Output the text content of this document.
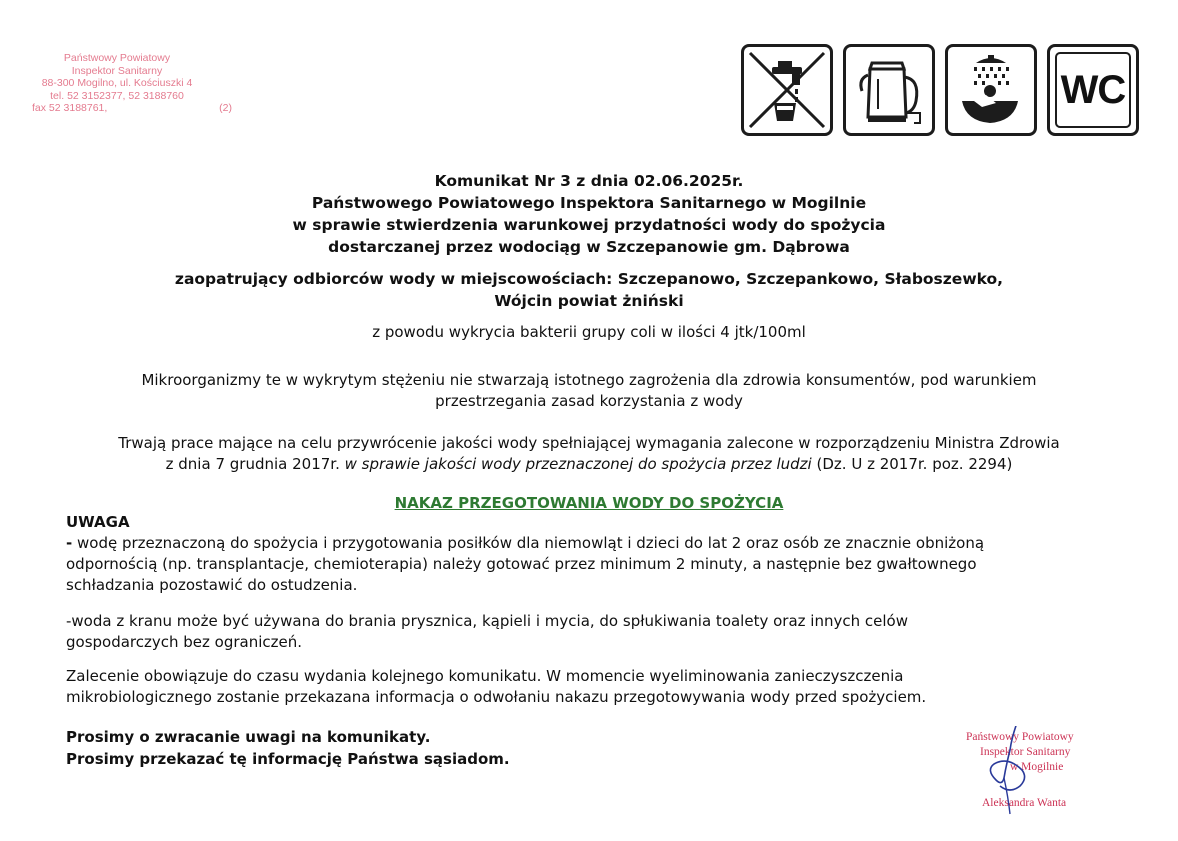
Państwowy Powiatowy
Inspektor Sanitarny
88-300 Mogilno, ul. Kościuszki 4
tel. 52 3152377, 52 3188760
fax 52 3188761,	(2)	WC
Komunikat Nr 3 z dnia 02.06.2025r.
Państwowego Powiatowego Inspektora Sanitarnego w Mogilnie
w sprawie stwierdzenia warunkowej przydatności wody do spożycia
dostarczanej przez wodociąg w Szczepanowie gm. Dąbrowa
zaopatrujący odbiorców wody w miejscowościach: Szczepanowo, Szczepankowo, Słaboszewko,
Wójcin powiat żniński
z powodu wykrycia bakterii grupy coli w ilości 4 jtk/100ml
Mikroorganizmy te w wykrytym stężeniu nie stwarzają istotnego zagrożenia dla zdrowia konsumentów, pod warunkiem
przestrzegania zasad korzystania z wody
Trwają prace mające na celu przywrócenie jakości wody spełniającej wymagania zalecone w rozporządzeniu Ministra Zdrowia
z dnia 7 grudnia 2017r. w sprawie jakości wody przeznaczonej do spożycia przez ludzi (Dz. U z 2017r. poz. 2294)
NAKAZ PRZEGOTOWANIA WODY DO SPOŻYCIA
UWAGA
- wodę przeznaczoną do spożycia i przygotowania posiłków dla niemowląt i dzieci do lat 2 oraz osób ze znacznie obniżoną
odpornością (np. transplantacje, chemioterapia) należy gotować przez minimum 2 minuty, a następnie bez gwałtownego
schładzania pozostawić do ostudzenia.
-woda z kranu może być używana do brania prysznica, kąpieli i mycia, do spłukiwania toalety oraz innych celów
gospodarczych bez ograniczeń.
Zalecenie obowiązuje do czasu wydania kolejnego komunikatu. W momencie wyeliminowania zanieczyszczenia
mikrobiologicznego zostanie przekazana informacja o odwołaniu nakazu przegotowywania wody przed spożyciem.
Prosimy o zwracanie uwagi na komunikaty.
Prosimy przekazać tę informację Państwa sąsiadom.
Państwowy Powiatowy
Inspektor Sanitarny
w Mogilnie
Aleksandra Wanta
